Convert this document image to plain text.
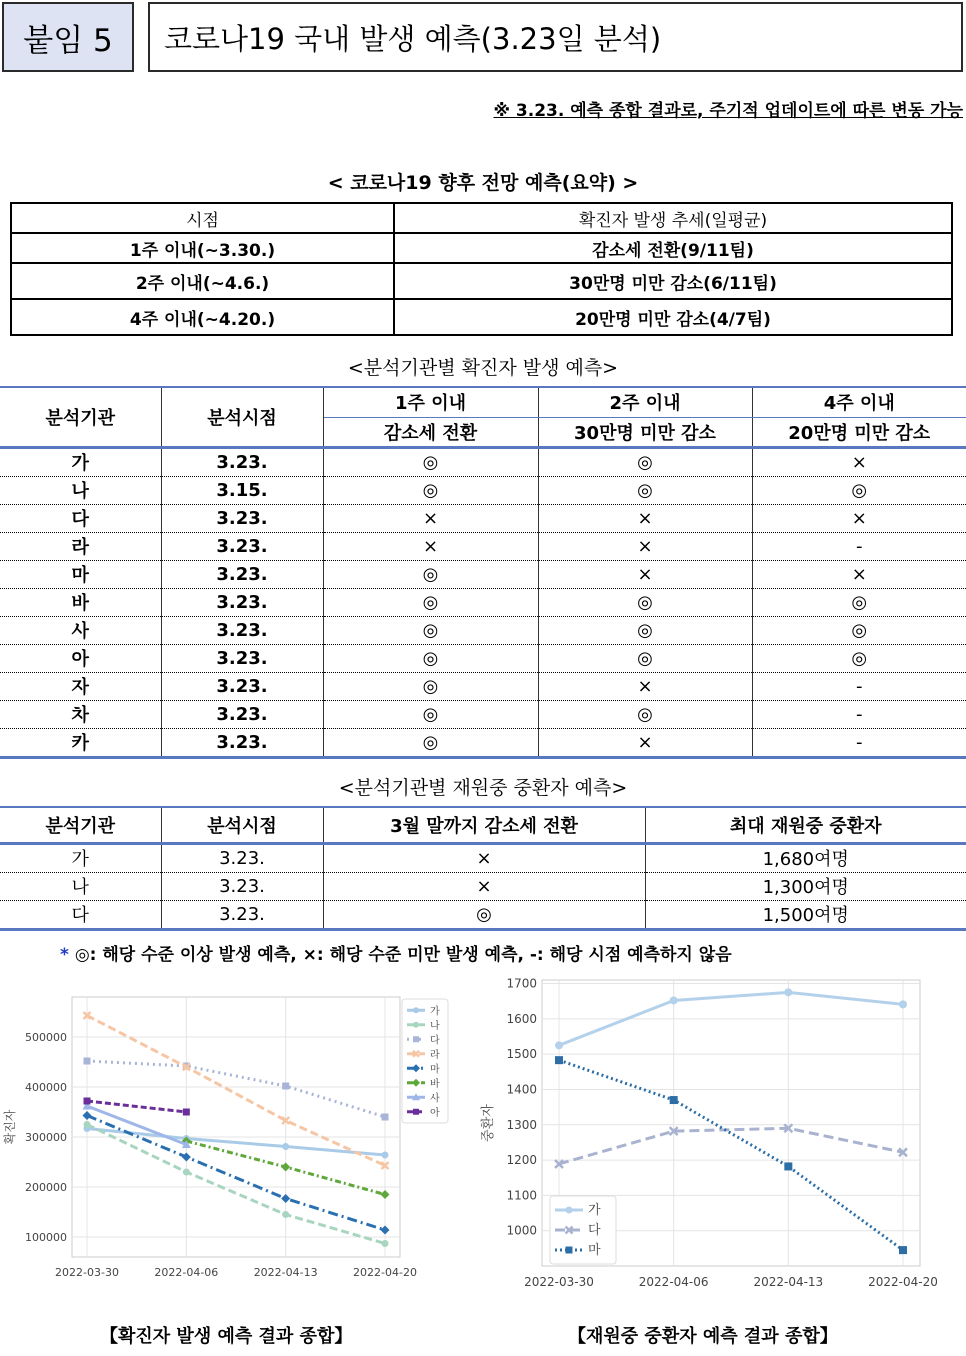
붙임 5 코로나19 국내 발생 예측(3.23일 분석)
※ 3.23. 예측 종합 결과로, 주기적 업데이트에 따른 변동 가능
< 코로나19 향후 전망 예측(요약) >
시점	확진자 발생 추세(일평균)
1주 이내(~3.30.)	감소세 전환(9/11팀)
2주 이내(~4.6.)	30만명 미만 감소(6/11팀)
4주 이내(~4.20.)	20만명 미만 감소(4/7팀)
<분석기관별 확진자 발생 예측>
분석기관	분석시점	1주 이내	2주 이내	4주 이내
		감소세 전환	30만명 미만 감소	20만명 미만 감소
가	3.23.	◎	◎	×
나	3.15.	◎	◎	◎
다	3.23.	×	×	×
라	3.23.	×	×	-
마	3.23.	◎	×	×
바	3.23.	◎	◎	◎
사	3.23.	◎	◎	◎
아	3.23.	◎	◎	◎
자	3.23.	◎	×	-
차	3.23.	◎	◎	-
카	3.23.	◎	×	-
<분석기관별 재원중 중환자 예측>
분석기관	분석시점	3월 말까지 감소세 전환	최대 재원중 중환자
가	3.23.	×	1,680여명
나	3.23.	×	1,300여명
다	3.23.	◎	1,500여명
* ◎: 해당 수준 이상 발생 예측, ×: 해당 수준 미만 발생 예측, -: 해당 시점 예측하지 않음
100000
200000
300000
400000
500000
2022-03-30	2022-04-06	2022-04-13	2022-04-20
확진자
가
나
다
라
마
바
사
아
1000
1100
1200
1300
1400
1500
1600
1700
2022-03-30	2022-04-06	2022-04-13	2022-04-20
중환자
가
다
마
【확진자 발생 예측 결과 종합】	【재원중 중환자 예측 결과 종합】
